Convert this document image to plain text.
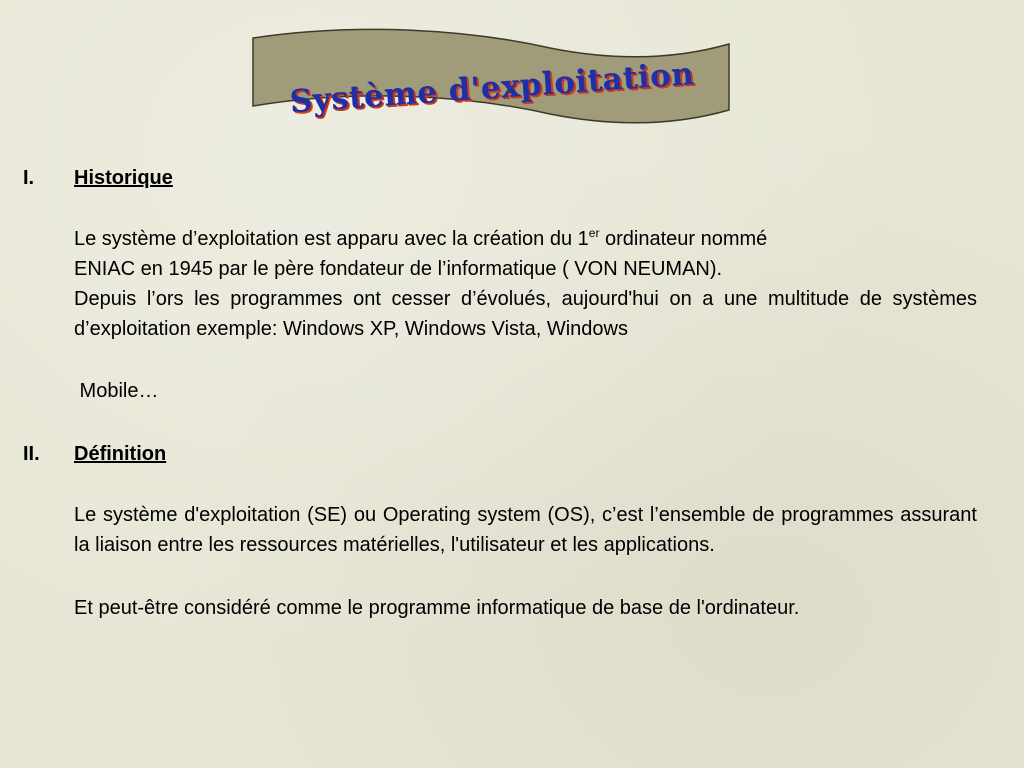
Système d'exploitation
I. Historique
Le système d’exploitation est apparu avec la création du 1er ordinateur nommé
ENIAC en 1945 par le père fondateur de l’informatique ( VON NEUMAN).
Depuis l’ors les programmes ont cesser d’évolués, aujourd'hui on a une multitude de systèmes d’exploitation exemple: Windows XP, Windows Vista, Windows
Mobile…
II. Définition
Le système d'exploitation (SE) ou Operating system (OS), c’est l’ensemble de programmes assurant la liaison entre les ressources matérielles, l'utilisateur et les applications.
Et peut-être considéré comme le programme informatique de base de l'ordinateur.
